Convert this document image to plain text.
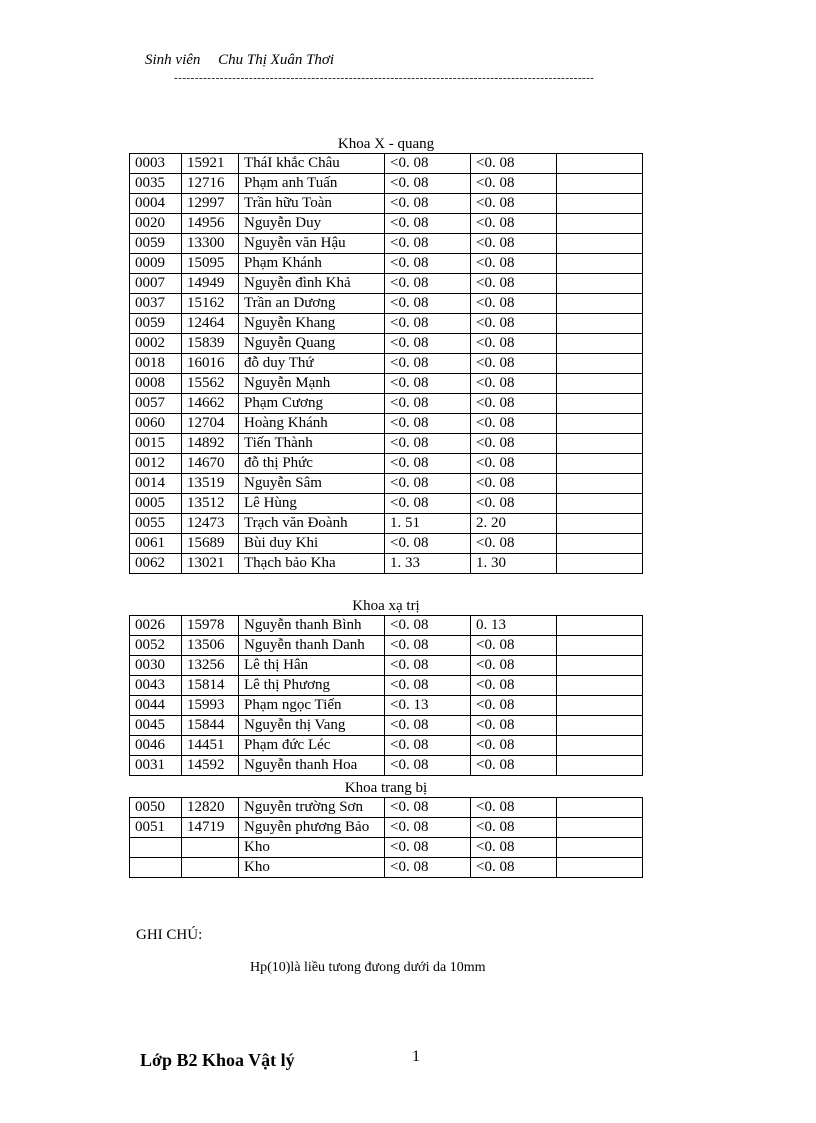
Sinh viên Chu Thị Xuân Thơi
-----------------------------------------------------------------------------------------------------
Khoa X - quang
0003	15921	TháI khắc Châu	<0. 08	<0. 08	
0035	12716	Phạm anh Tuấn	<0. 08	<0. 08	
0004	12997	Trần hữu Toàn	<0. 08	<0. 08	
0020	14956	Nguyễn Duy	<0. 08	<0. 08	
0059	13300	Nguyễn văn Hậu	<0. 08	<0. 08	
0009	15095	Phạm Khánh	<0. 08	<0. 08	
0007	14949	Nguyễn đình Khả	<0. 08	<0. 08	
0037	15162	Trần an Dương	<0. 08	<0. 08	
0059	12464	Nguyễn Khang	<0. 08	<0. 08	
0002	15839	Nguyễn Quang	<0. 08	<0. 08	
0018	16016	đỗ duy Thứ	<0. 08	<0. 08	
0008	15562	Nguyễn Mạnh	<0. 08	<0. 08	
0057	14662	Phạm Cương	<0. 08	<0. 08	
0060	12704	Hoàng Khánh	<0. 08	<0. 08	
0015	14892	Tiến Thành	<0. 08	<0. 08	
0012	14670	đỗ thị Phức	<0. 08	<0. 08	
0014	13519	Nguyễn Sâm	<0. 08	<0. 08	
0005	13512	Lê Hùng	<0. 08	<0. 08	
0055	12473	Trạch văn Đoành	1. 51	2. 20	
0061	15689	Bùi duy Khi	<0. 08	<0. 08	
0062	13021	Thạch bảo Kha	1. 33	1. 30	
Khoa xạ trị
0026	15978	Nguyễn thanh Bình	<0. 08	0. 13	
0052	13506	Nguyễn thanh Danh	<0. 08	<0. 08	
0030	13256	Lê thị Hân	<0. 08	<0. 08	
0043	15814	Lê thị Phương	<0. 08	<0. 08	
0044	15993	Phạm ngọc Tiến	<0. 13	<0. 08	
0045	15844	Nguyễn thị Vang	<0. 08	<0. 08	
0046	14451	Phạm đức Léc	<0. 08	<0. 08	
0031	14592	Nguyễn thanh Hoa	<0. 08	<0. 08	
Khoa trang bị
0050	12820	Nguyễn trường Sơn	<0. 08	<0. 08	
0051	14719	Nguyễn phương Bảo	<0. 08	<0. 08	
		Kho	<0. 08	<0. 08	
		Kho	<0. 08	<0. 08	
GHI CHÚ:
Hp(10)là liều tưong đưong dưới da 10mm
Lớp B2 Khoa Vật lý	1
